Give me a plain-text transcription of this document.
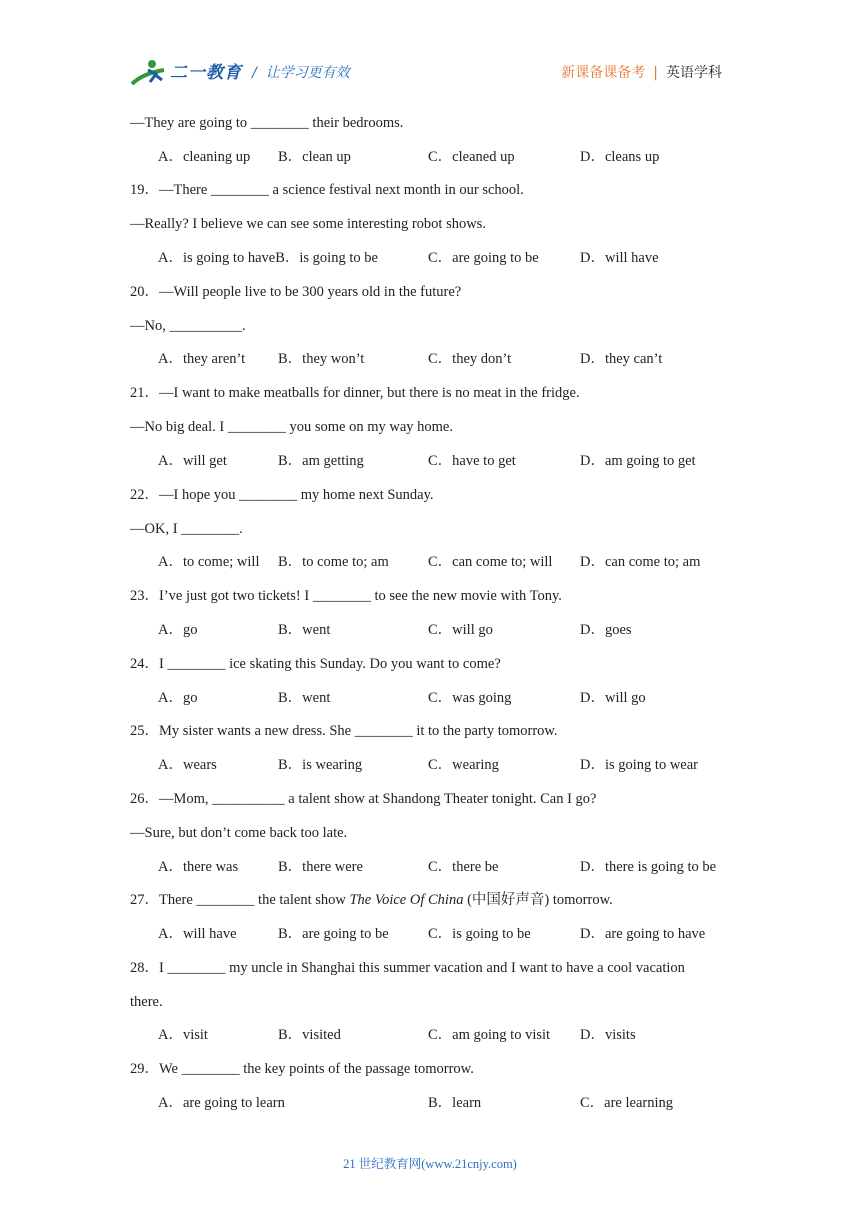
二一教育 / 让学习更有效	新课备课备考 | 英语学科
—They are going to ________ their bedrooms.
A．cleaning up B．clean up	C．cleaned up	D．cleans up
19．—There ________ a science festival next month in our school.
—Really? I believe we can see some interesting robot shows.
A．is going to haveB．is going to be	C．are going to be	D．will have
20．—Will people live to be 300 years old in the future?
—No, __________.
A．they aren’t B．they won’t	C．they don’t	D．they can’t
21．—I want to make meatballs for dinner, but there is no meat in the fridge.
—No big deal. I ________ you some on my way home.
A．will get	B．am getting	C．have to get	D．am going to get
22．—I hope you ________ my home next Sunday.
—OK, I ________.
A．to come; will B．to come to; am	C．can come to; will D．can come to; am
23．I’ve just got two tickets! I ________ to see the new movie with Tony.
A．go	B．went	C．will go	D．goes
24．I ________ ice skating this Sunday. Do you want to come?
A．go	B．went	C．was going	D．will go
25．My sister wants a new dress. She ________ it to the party tomorrow.
A．wears	B．is wearing	C．wearing	D．is going to wear
26．—Mom, __________ a talent show at Shandong Theater tonight. Can I go?
—Sure, but don’t come back too late.
A．there was	B．there were	C．there be	D．there is going to be
27．There ________ the talent show The Voice Of China (中国好声音) tomorrow.
A．will have	B．are going to be	C．is going to be	D．are going to have
28．I ________ my uncle in Shanghai this summer vacation and I want to have a cool vacation
there.
A．visit	B．visited	C．am going to visit D．visits
29．We ________ the key points of the passage tomorrow.
A．are going to learn	B．learn	C．are learning
21 世纪教育网(www.21cnjy.com)
